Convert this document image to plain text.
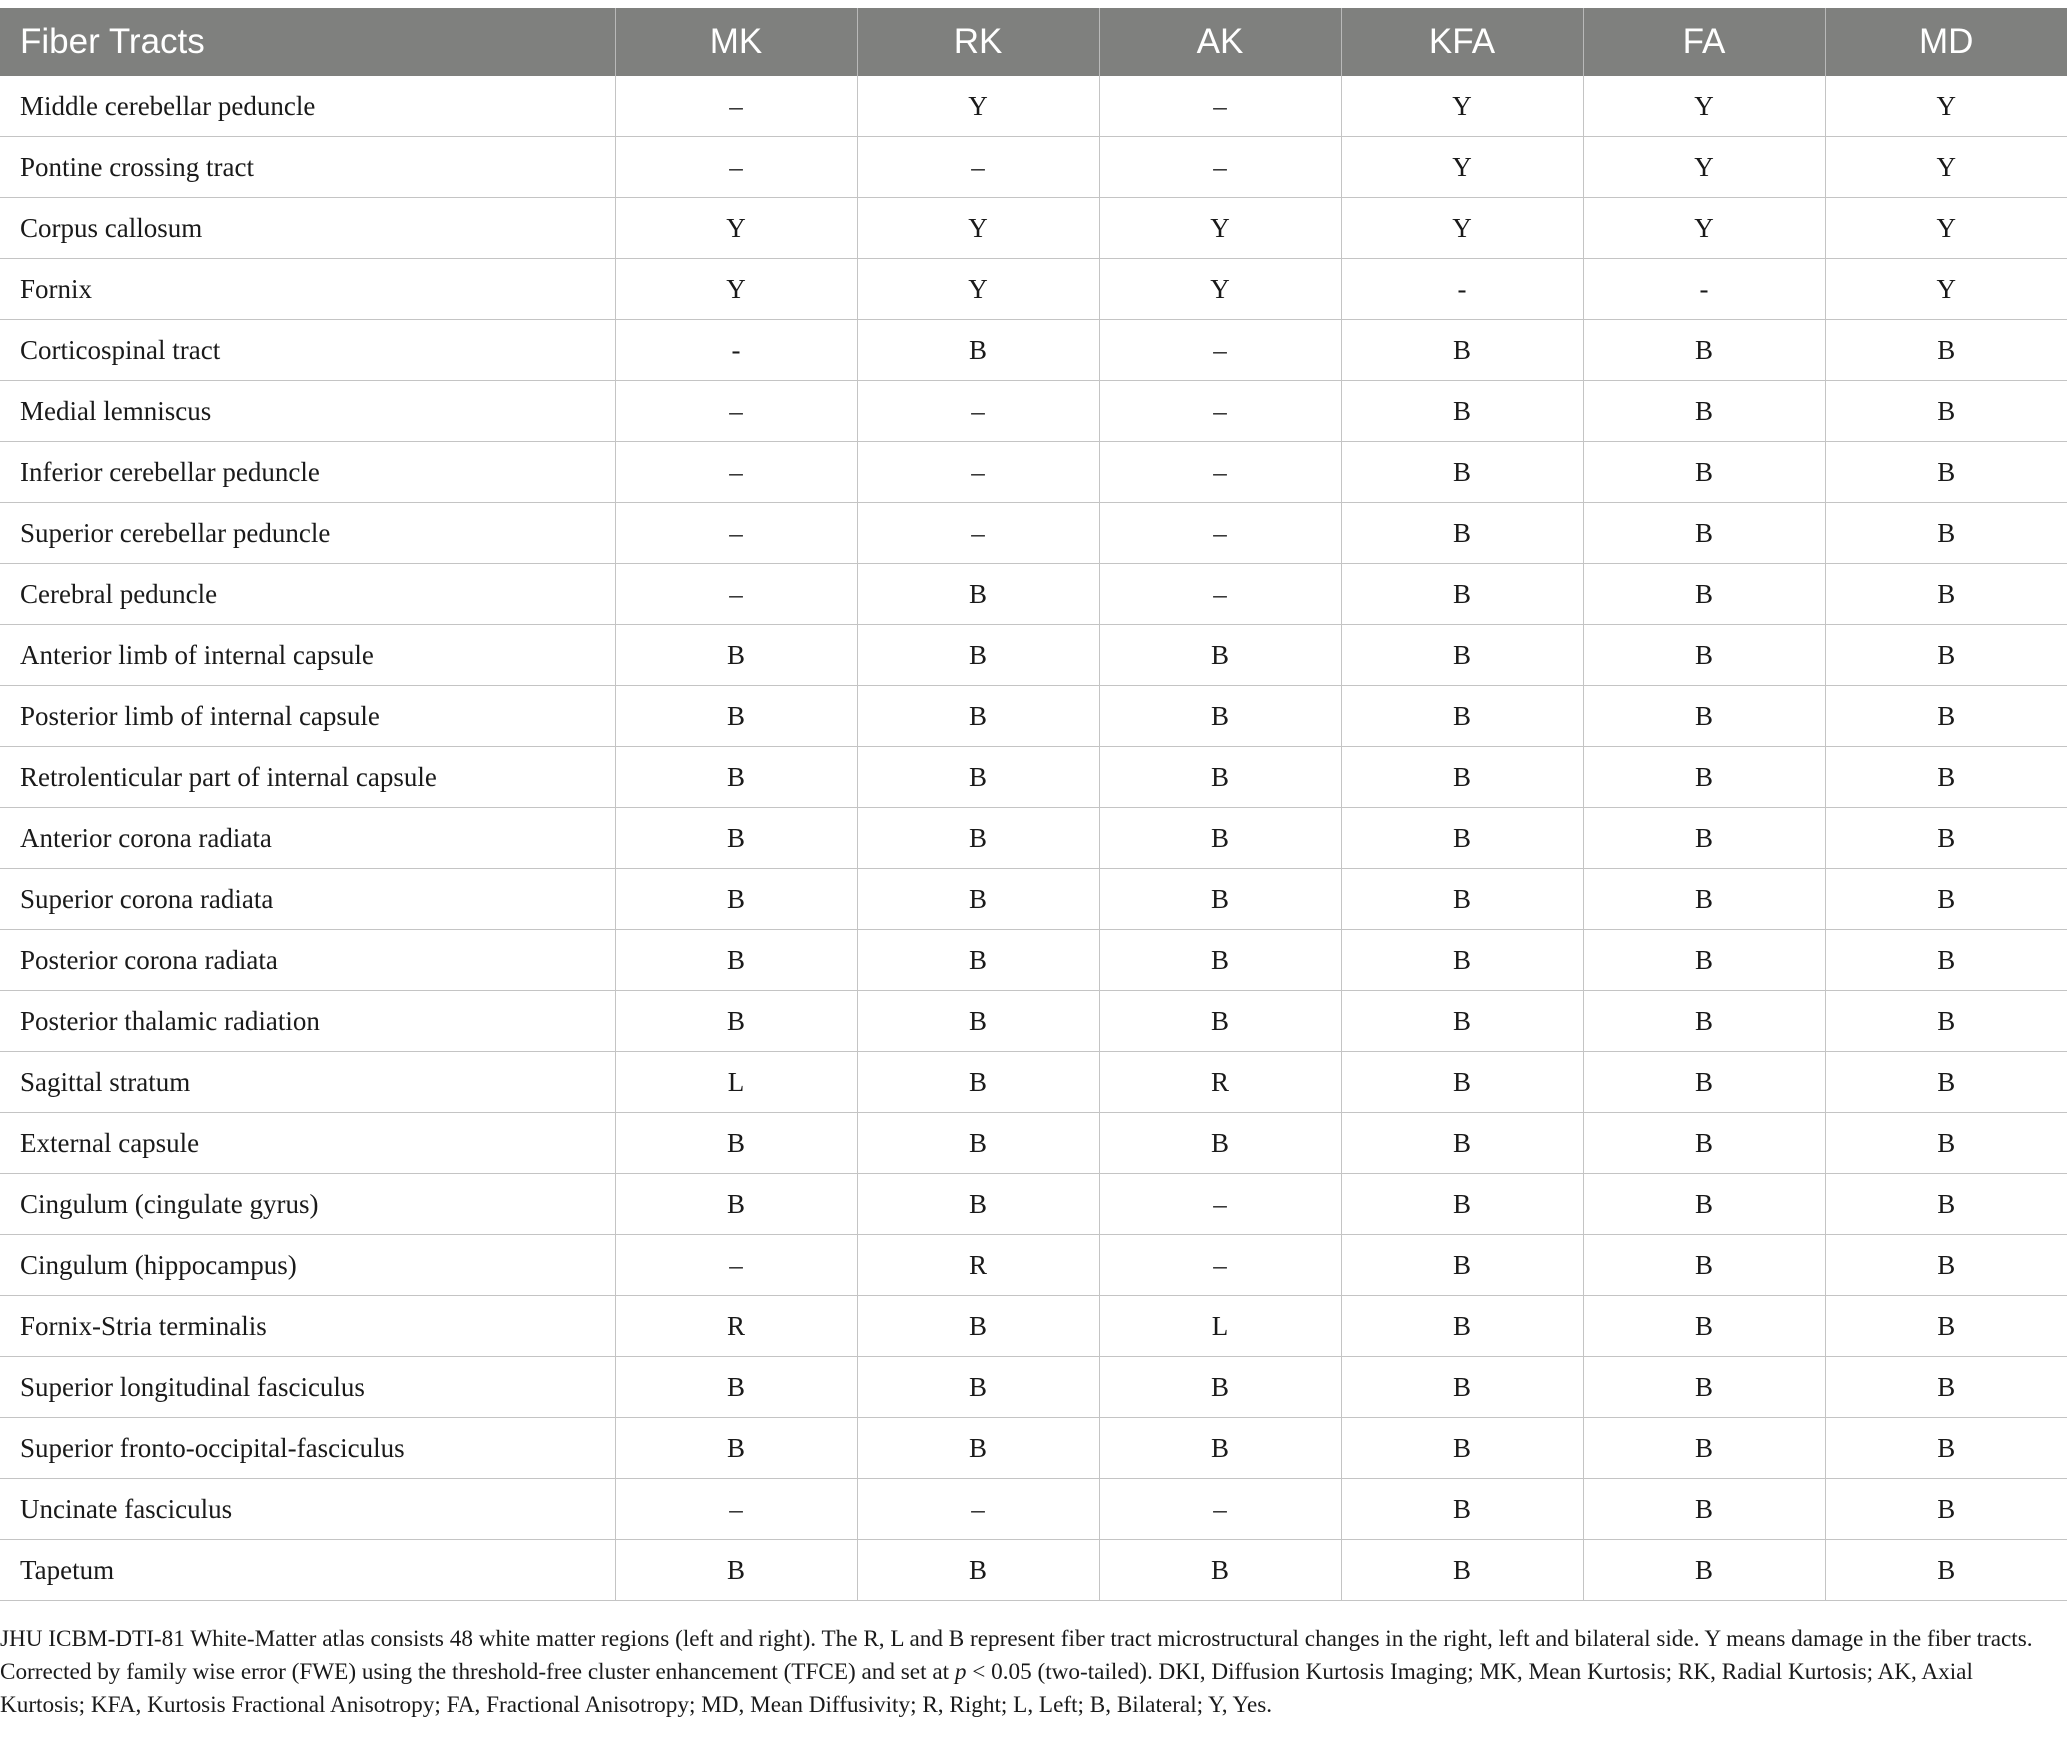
Fiber Tracts	MK	RK	AK	KFA	FA	MD
Middle cerebellar peduncle	–	Y	–	Y	Y	Y
Pontine crossing tract	–	–	–	Y	Y	Y
Corpus callosum	Y	Y	Y	Y	Y	Y
Fornix	Y	Y	Y	-	-	Y
Corticospinal tract	-	B	–	B	B	B
Medial lemniscus	–	–	–	B	B	B
Inferior cerebellar peduncle	–	–	–	B	B	B
Superior cerebellar peduncle	–	–	–	B	B	B
Cerebral peduncle	–	B	–	B	B	B
Anterior limb of internal capsule	B	B	B	B	B	B
Posterior limb of internal capsule	B	B	B	B	B	B
Retrolenticular part of internal capsule	B	B	B	B	B	B
Anterior corona radiata	B	B	B	B	B	B
Superior corona radiata	B	B	B	B	B	B
Posterior corona radiata	B	B	B	B	B	B
Posterior thalamic radiation	B	B	B	B	B	B
Sagittal stratum	L	B	R	B	B	B
External capsule	B	B	B	B	B	B
Cingulum (cingulate gyrus)	B	B	–	B	B	B
Cingulum (hippocampus)	–	R	–	B	B	B
Fornix-Stria terminalis	R	B	L	B	B	B
Superior longitudinal fasciculus	B	B	B	B	B	B
Superior fronto-occipital-fasciculus	B	B	B	B	B	B
Uncinate fasciculus	–	–	–	B	B	B
Tapetum	B	B	B	B	B	B

JHU ICBM-DTI-81 White-Matter atlas consists 48 white matter regions (left and right). The R, L and B represent fiber tract microstructural changes in the right, left and bilateral side. Y means damage in the fiber tracts. Corrected by family wise error (FWE) using the threshold-free cluster enhancement (TFCE) and set at p < 0.05 (two-tailed). DKI, Diffusion Kurtosis Imaging; MK, Mean Kurtosis; RK, Radial Kurtosis; AK, Axial Kurtosis; KFA, Kurtosis Fractional Anisotropy; FA, Fractional Anisotropy; MD, Mean Diffusivity; R, Right; L, Left; B, Bilateral; Y, Yes.
